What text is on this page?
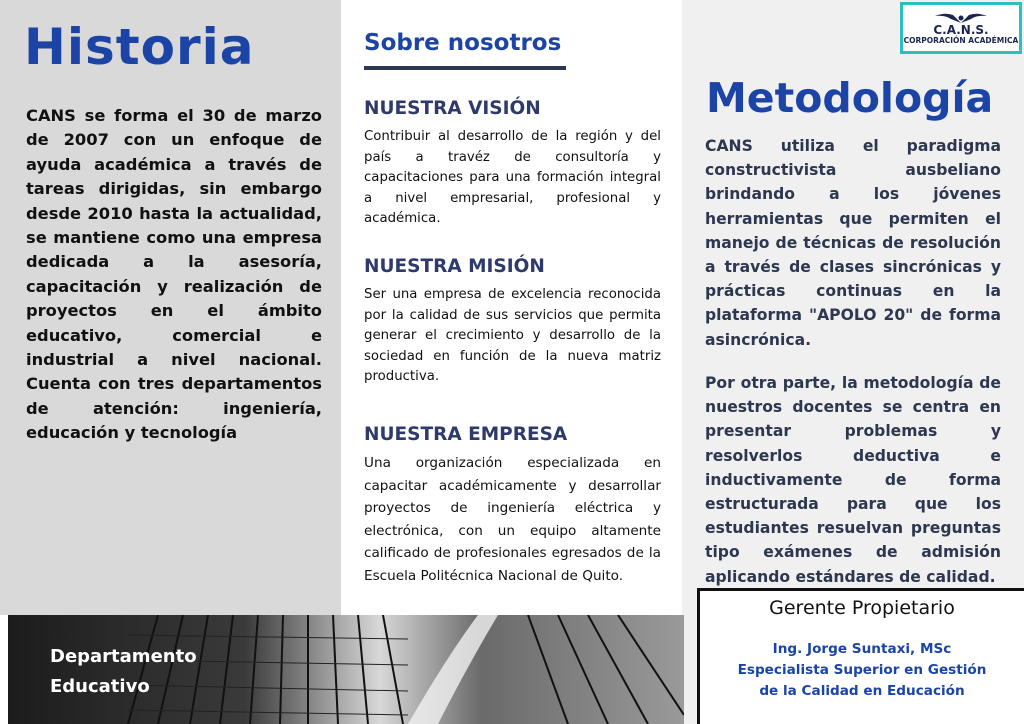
Historia

CANS se forma el 30 de marzo de 2007 con un enfoque de ayuda académica a través de tareas dirigidas, sin embargo desde 2010 hasta la actualidad, se mantiene como una empresa dedicada a la asesoría, capacitación y realización de proyectos en el ámbito educativo, comercial e industrial a nivel nacional. Cuenta con tres departamentos de atención: ingeniería, educación y tecnología

Sobre nosotros
NUESTRA VISIÓN

Contribuir al desarrollo de la región y del país a travéz de consultoría y capacitaciones para una formación integral a nivel empresarial, profesional y académica.

NUESTRA MISIÓN

Ser una empresa de excelencia reconocida por la calidad de sus servicios que permita generar el crecimiento y desarrollo de la sociedad en función de la nueva matriz productiva.

NUESTRA EMPRESA

Una organización especializada en capacitar académicamente y desarrollar proyectos de ingeniería eléctrica y electrónica, con un equipo altamente calificado de profesionales egresados de la Escuela Politécnica Nacional de Quito.

C.A.N.S.
CORPORACIÓN ACADÉMICA
Metodología

CANS utiliza el paradigma constructivista ausbeliano brindando a los jóvenes herramientas que permiten el manejo de técnicas de resolución a través de clases sincrónicas y prácticas continuas en la plataforma "APOLO 20" de forma asincrónica.

Por otra parte, la metodología de nuestros docentes se centra en presentar problemas y resolverlos deductiva e inductivamente de forma estructurada para que los estudiantes resuelvan preguntas tipo exámenes de admisión aplicando estándares de calidad.

Gerente Propietario
Ing. Jorge Suntaxi, MSc
Especialista Superior en Gestión
de la Calidad en Educación
Departamento
Educativo
